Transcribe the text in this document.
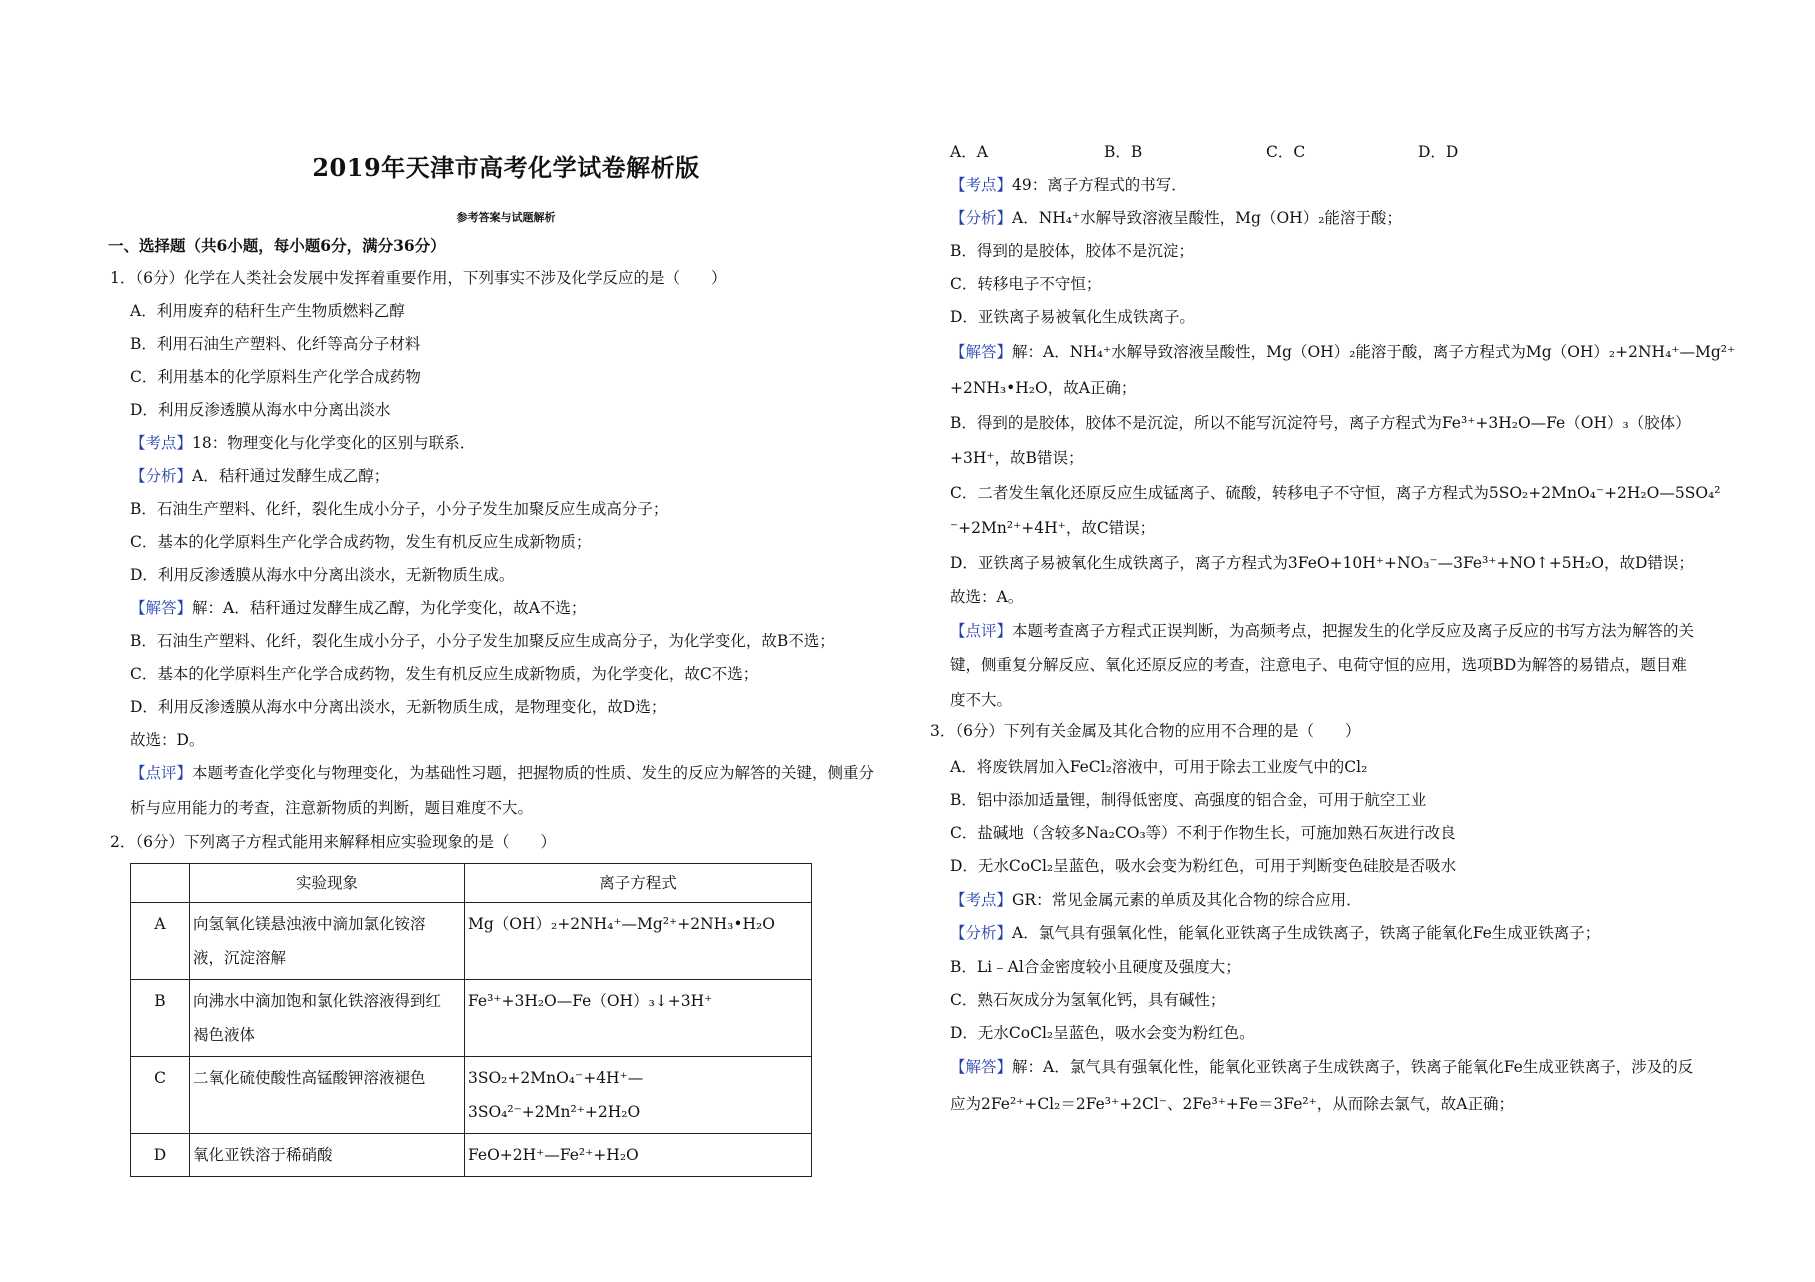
2019年天津市高考化学试卷解析版
参考答案与试题解析
一、选择题（共6小题，每小题6分，满分36分）
1．（6分）化学在人类社会发展中发挥着重要作用，下列事实不涉及化学反应的是（　　）
A．利用废弃的秸秆生产生物质燃料乙醇
B．利用石油生产塑料、化纤等高分子材料
C．利用基本的化学原料生产化学合成药物
D．利用反渗透膜从海水中分离出淡水
【考点】18：物理变化与化学变化的区别与联系．
【分析】A．秸秆通过发酵生成乙醇；
B．石油生产塑料、化纤，裂化生成小分子，小分子发生加聚反应生成高分子；
C．基本的化学原料生产化学合成药物，发生有机反应生成新物质；
D．利用反渗透膜从海水中分离出淡水，无新物质生成。
【解答】解：A．秸秆通过发酵生成乙醇，为化学变化，故A不选；
B．石油生产塑料、化纤，裂化生成小分子，小分子发生加聚反应生成高分子，为化学变化，故B不选；
C．基本的化学原料生产化学合成药物，发生有机反应生成新物质，为化学变化，故C不选；
D．利用反渗透膜从海水中分离出淡水，无新物质生成，是物理变化，故D选；
故选：D。
【点评】本题考查化学变化与物理变化，为基础性习题，把握物质的性质、发生的反应为解答的关键，侧重分
析与应用能力的考查，注意新物质的判断，题目难度不大。
2．（6分）下列离子方程式能用来解释相应实验现象的是（　　）
	实验现象	离子方程式
A	向氢氧化镁悬浊液中滴加氯化铵溶
液，沉淀溶解	Mg（OH）₂+2NH₄⁺—Mg²⁺+2NH₃•H₂O
B	向沸水中滴加饱和氯化铁溶液得到红
褐色液体	Fe³⁺+3H₂O—Fe（OH）₃↓+3H⁺
C	二氧化硫使酸性高锰酸钾溶液褪色	3SO₂+2MnO₄⁻+4H⁺—3SO₄²⁻+2Mn²⁺+2H₂O
D	氧化亚铁溶于稀硝酸	FeO+2H⁺—Fe²⁺+H₂O
A．A	B．B	C．C	D．D
【考点】49：离子方程式的书写．
【分析】A．NH₄⁺水解导致溶液呈酸性，Mg（OH）₂能溶于酸；
B．得到的是胶体，胶体不是沉淀；
C．转移电子不守恒；
D．亚铁离子易被氧化生成铁离子。
【解答】解：A．NH₄⁺水解导致溶液呈酸性，Mg（OH）₂能溶于酸，离子方程式为Mg（OH）₂+2NH₄⁺—Mg²⁺
+2NH₃•H₂O，故A正确；
B．得到的是胶体，胶体不是沉淀，所以不能写沉淀符号，离子方程式为Fe³⁺+3H₂O—Fe（OH）₃（胶体）
+3H⁺，故B错误；
C．二者发生氧化还原反应生成锰离子、硫酸，转移电子不守恒，离子方程式为5SO₂+2MnO₄⁻+2H₂O—5SO₄²
⁻+2Mn²⁺+4H⁺，故C错误；
D．亚铁离子易被氧化生成铁离子，离子方程式为3FeO+10H⁺+NO₃⁻—3Fe³⁺+NO↑+5H₂O，故D错误；
故选：A。
【点评】本题考查离子方程式正误判断，为高频考点，把握发生的化学反应及离子反应的书写方法为解答的关
键，侧重复分解反应、氧化还原反应的考查，注意电子、电荷守恒的应用，选项BD为解答的易错点，题目难
度不大。
3．（6分）下列有关金属及其化合物的应用不合理的是（　　）
A．将废铁屑加入FeCl₂溶液中，可用于除去工业废气中的Cl₂
B．铝中添加适量锂，制得低密度、高强度的铝合金，可用于航空工业
C．盐碱地（含较多Na₂CO₃等）不利于作物生长，可施加熟石灰进行改良
D．无水CoCl₂呈蓝色，吸水会变为粉红色，可用于判断变色硅胶是否吸水
【考点】GR：常见金属元素的单质及其化合物的综合应用．
【分析】A．氯气具有强氧化性，能氧化亚铁离子生成铁离子，铁离子能氧化Fe生成亚铁离子；
B．Li﹣Al合金密度较小且硬度及强度大；
C．熟石灰成分为氢氧化钙，具有碱性；
D．无水CoCl₂呈蓝色，吸水会变为粉红色。
【解答】解：A．氯气具有强氧化性，能氧化亚铁离子生成铁离子，铁离子能氧化Fe生成亚铁离子，涉及的反
应为2Fe²⁺+Cl₂＝2Fe³⁺+2Cl⁻、2Fe³⁺+Fe＝3Fe²⁺，从而除去氯气，故A正确；
